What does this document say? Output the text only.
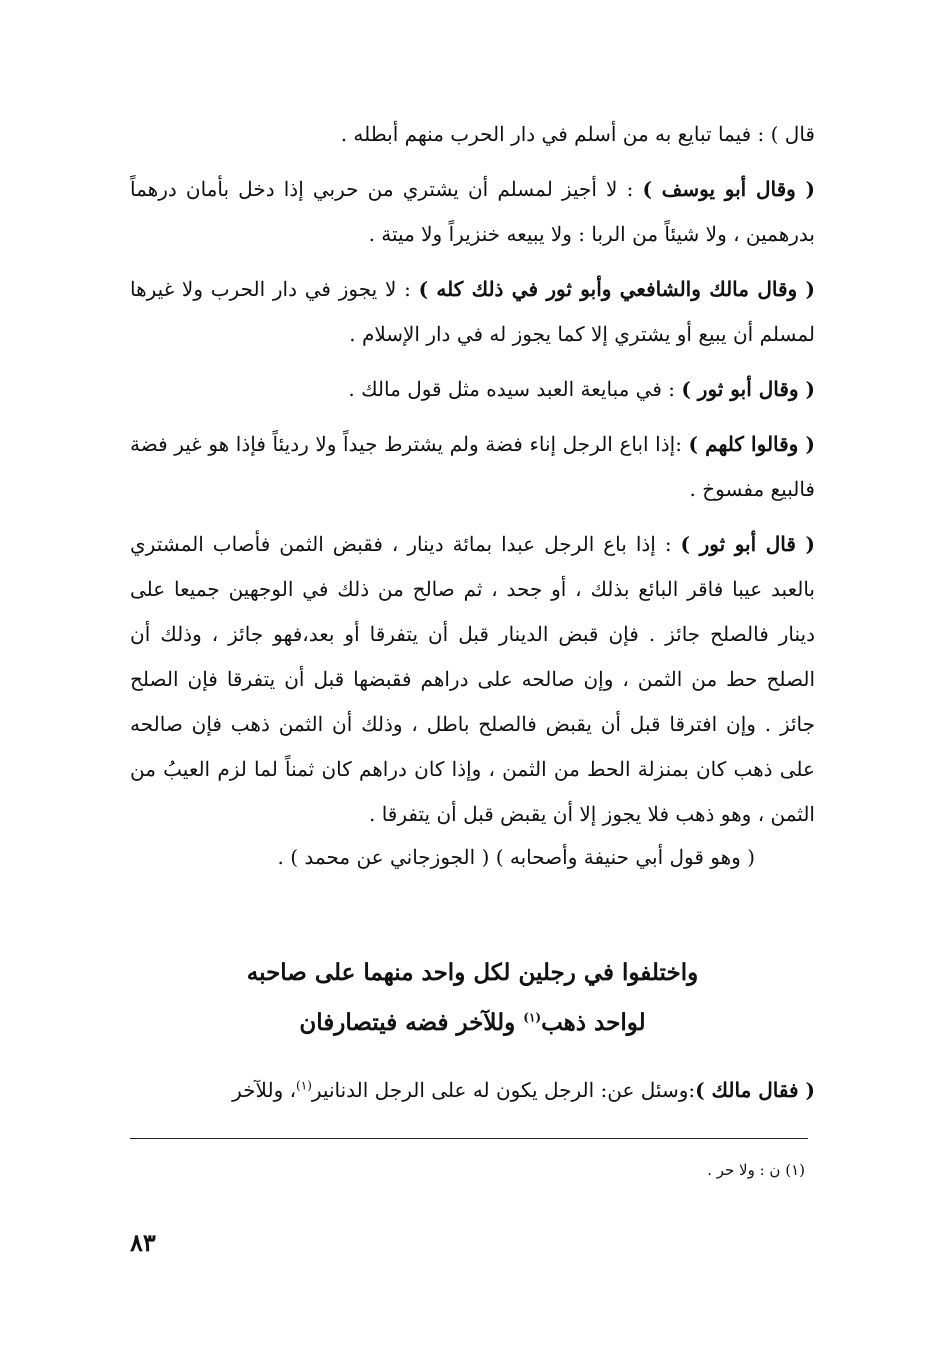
قال ) : فيما تبايع به من أسلم في دار الحرب منهم أبطله .

( وقال أبو يوسف ) : لا أجيز لمسلم أن يشتري من حربي إذا دخل بأمان درهماً بدرهمين ، ولا شيئاً من الربا : ولا يبيعه خنزيراً ولا ميتة .

( وقال مالك والشافعي وأبو ثور في ذلك كله ) : لا يجوز في دار الحرب ولا غيرها لمسلم أن يبيع أو يشتري إلا كما يجوز له في دار الإسلام .

( وقال أبو ثور ) : في مبايعة العبد سيده مثل قول مالك .

( وقالوا كلهم ) :إذا اباع الرجل إناء فضة ولم يشترط جيداً ولا رديئاً فإذا هو غير فضة فالبيع مفسوخ .

( قال أبو ثور ) : إذا باع الرجل عبدا بمائة دينار ، فقبض الثمن فأصاب المشتري بالعبد عيبا فاقر البائع بذلك ، أو جحد ، ثم صالح من ذلك في الوجهين جميعا على دينار فالصلح جائز . فإن قبض الدينار قبل أن يتفرقا أو بعد،فهو جائز ، وذلك أن الصلح حط من الثمن ، وإن صالحه على دراهم فقبضها قبل أن يتفرقا فإن الصلح جائز . وإن افترقا قبل أن يقبض فالصلح باطل ، وذلك أن الثمن ذهب فإن صالحه على ذهب كان بمنزلة الحط من الثمن ، وإذا كان دراهم كان ثمناً لما لزم العيبُ من الثمن ، وهو ذهب فلا يجوز إلا أن يقبض قبل أن يتفرقا .

( وهو قول أبي حنيفة وأصحابه ) ( الجوزجاني عن محمد ) .

واختلفوا في رجلين لكل واحد منهما على صاحبه
لواحد ذهب$^{(١)}$ وللآخر فضه فيتصارفان

( فقال مالك ):وسئل عن: الرجل يكون له على الرجل الدنانير$^{(١)}$، وللآخر

(١) ن : ولا حر .
٨٣
